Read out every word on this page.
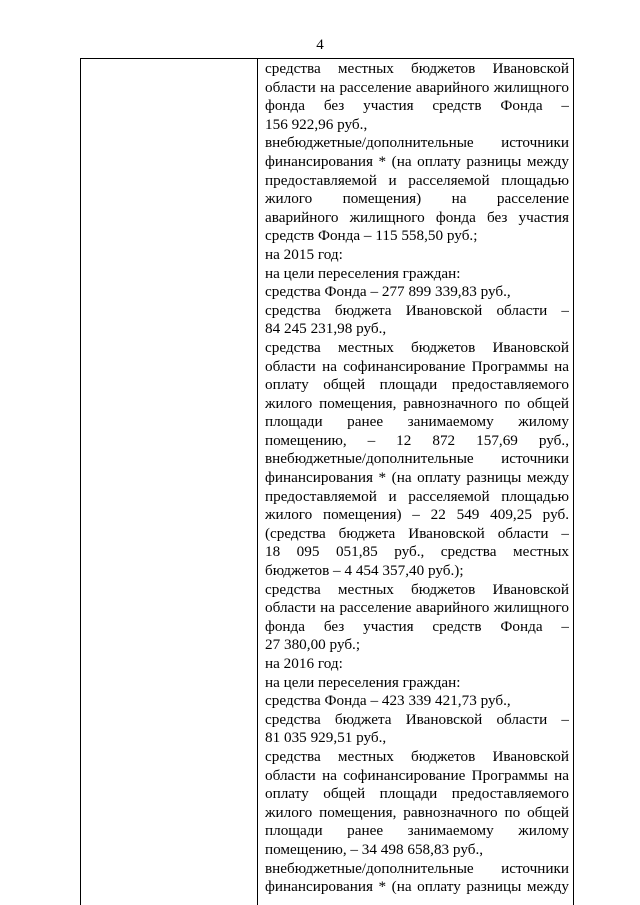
4
средства местных бюджетов Ивановской
области на расселение аварийного жилищного
фонда без участия средств Фонда –
156 922,96 руб.,
внебюджетные/дополнительные источники
финансирования * (на оплату разницы между
предоставляемой и расселяемой площадью
жилого помещения) на расселение
аварийного жилищного фонда без участия
средств Фонда – 115 558,50 руб.;
на 2015 год:
на цели переселения граждан:
средства Фонда – 277 899 339,83 руб.,
средства бюджета Ивановской области –
84 245 231,98 руб.,
средства местных бюджетов Ивановской
области на софинансирование Программы на
оплату общей площади предоставляемого
жилого помещения, равнозначного по общей
площади ранее занимаемому жилому
помещению, – 12 872 157,69 руб.,
внебюджетные/дополнительные источники
финансирования * (на оплату разницы между
предоставляемой и расселяемой площадью
жилого помещения) – 22 549 409,25 руб.
(средства бюджета Ивановской области –
18 095 051,85 руб., средства местных
бюджетов – 4 454 357,40 руб.);
средства местных бюджетов Ивановской
области на расселение аварийного жилищного
фонда без участия средств Фонда –
27 380,00 руб.;
на 2016 год:
на цели переселения граждан:
средства Фонда – 423 339 421,73 руб.,
средства бюджета Ивановской области –
81 035 929,51 руб.,
средства местных бюджетов Ивановской
области на софинансирование Программы на
оплату общей площади предоставляемого
жилого помещения, равнозначного по общей
площади ранее занимаемому жилому
помещению, – 34 498 658,83 руб.,
внебюджетные/дополнительные источники
финансирования * (на оплату разницы между
